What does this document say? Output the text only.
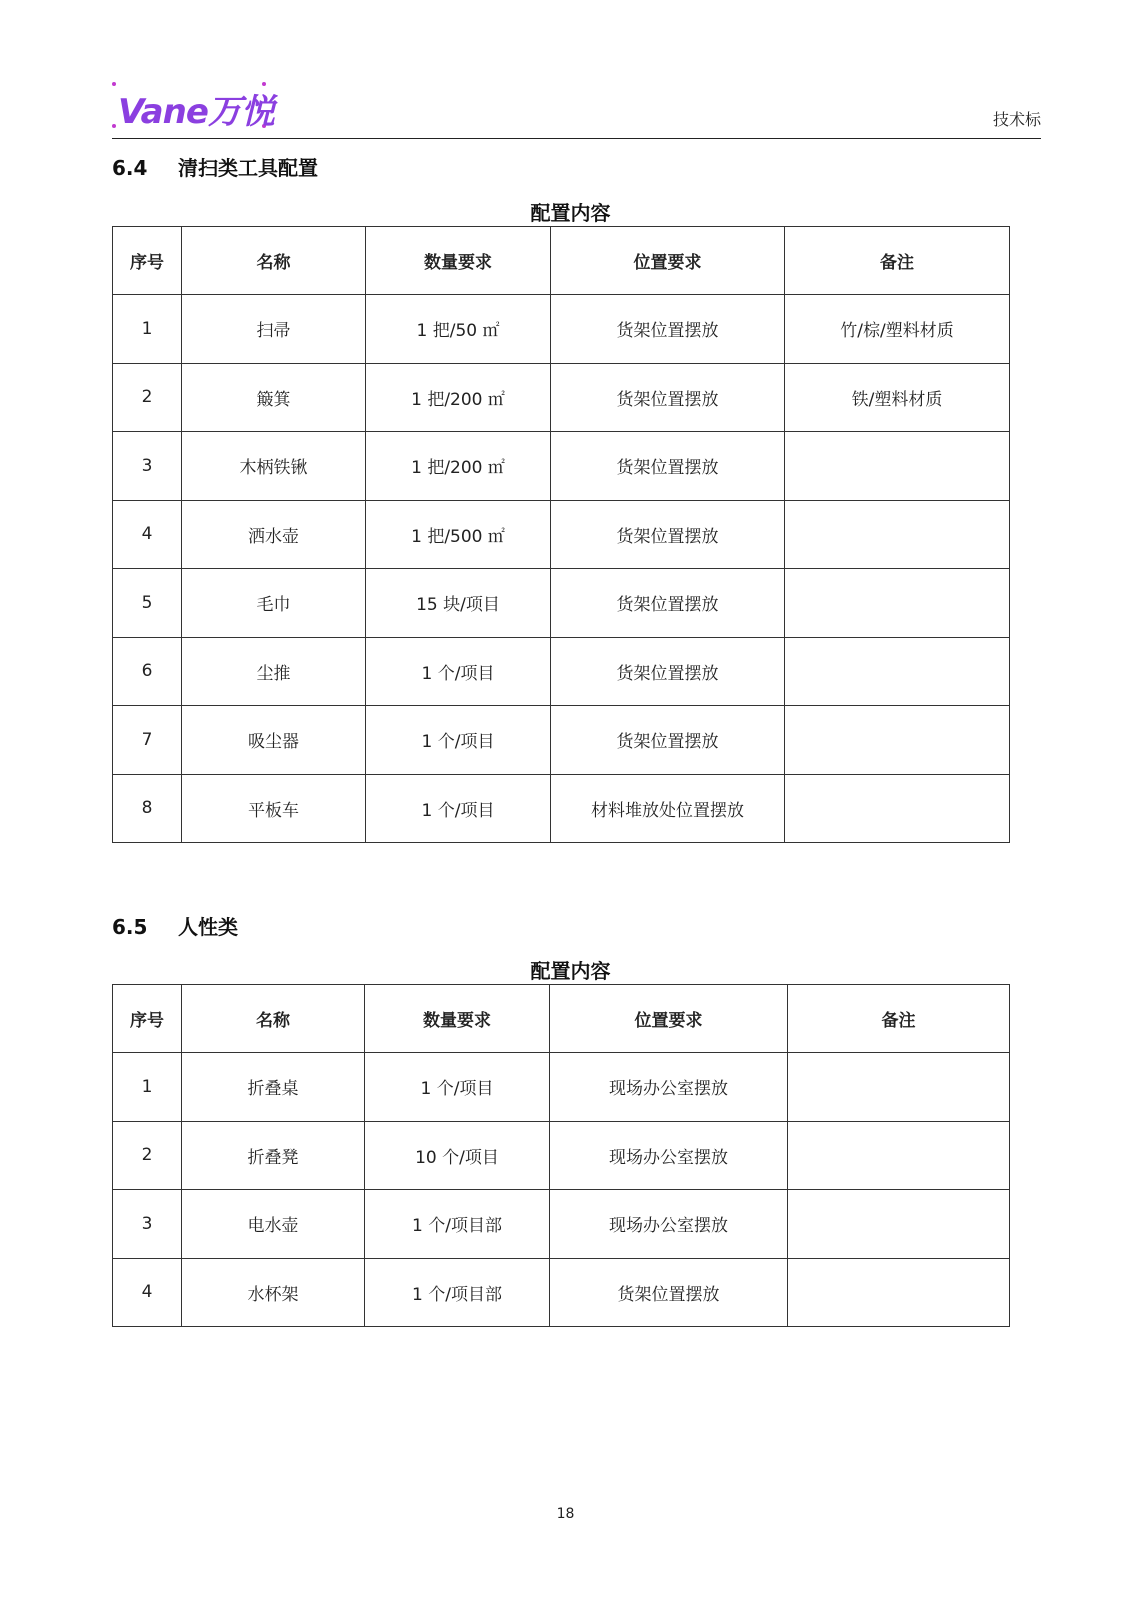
Vane万悦	技术标
6.4 清扫类工具配置
配置内容
序号	名称	数量要求	位置要求	备注
1	扫帚	1 把/50 ㎡	货架位置摆放	竹/棕/塑料材质
2	簸箕	1 把/200 ㎡	货架位置摆放	铁/塑料材质
3	木柄铁锹	1 把/200 ㎡	货架位置摆放	
4	洒水壶	1 把/500 ㎡	货架位置摆放	
5	毛巾	15 块/项目	货架位置摆放	
6	尘推	1 个/项目	货架位置摆放	
7	吸尘器	1 个/项目	货架位置摆放	
8	平板车	1 个/项目	材料堆放处位置摆放	
6.5 人性类
配置内容
序号	名称	数量要求	位置要求	备注
1	折叠桌	1 个/项目	现场办公室摆放	
2	折叠凳	10 个/项目	现场办公室摆放	
3	电水壶	1 个/项目部	现场办公室摆放	
4	水杯架	1 个/项目部	货架位置摆放	
18
